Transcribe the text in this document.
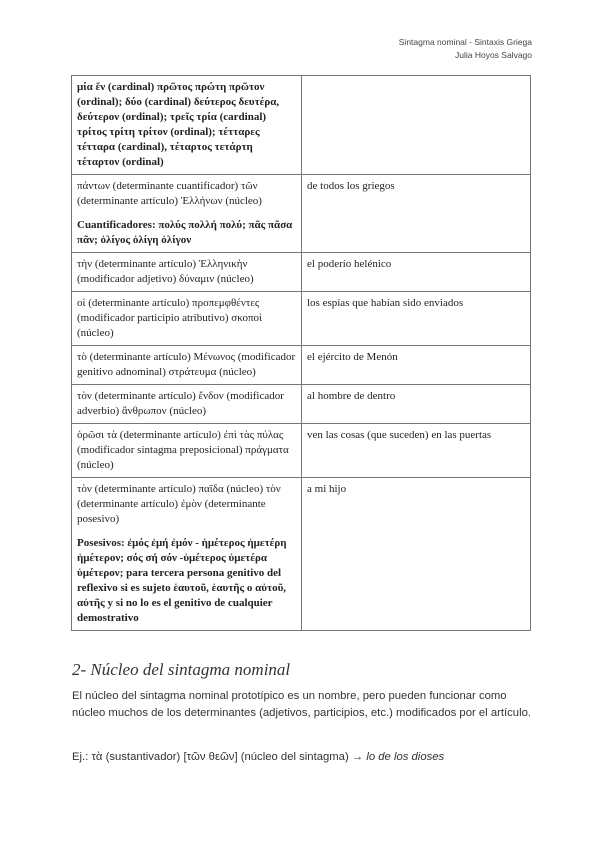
Sintagma nominal - Sintaxis Griega
Julia Hoyos Salvago
μία ἕν (cardinal) πρῶτος πρώτη πρῶτον (ordinal); δύο (cardinal) δεύτερος δευτέρα, δεύτερον (ordinal); τρεῖς τρία (cardinal) τρίτος τρίτη τρίτον (ordinal); τέτταρες τέτταρα (cardinal), τέταρτος τετάρτη τέταρτον (ordinal)	

πάντων (determinante cuantificador) τῶν (determinante artículo) Ἑλλήνων (núcleo)
Cuantificadores: πολύς πολλή πολύ; πᾶς πᾶσα πᾶν; ὀλίγος ὀλίγη ὀλίγον	de todos los griegos

τὴν (determinante artículo) Ἑλληνικὴν (modificador adjetivo) δύναμιν (núcleo)	el poderío helénico

οἱ (determinante artículo) προπεμφθέντες (modificador participio atributivo) σκοποὶ (núcleo)	los espías que habían sido enviados

τὸ (determinante artículo) Μένωνος (modificador genitivo adnominal) στράτευμα (núcleo)	el ejército de Menón

τὸν (determinante artículo) ἔνδον (modificador adverbio) ἄνθρωπον (núcleo)	al hombre de dentro

ὁρῶσι τὰ (determinante artículo) ἐπὶ τὰς πύλας (modificador sintagma preposicional) πράγματα (núcleo)	ven las cosas (que suceden) en las puertas

τὸν (determinante artículo) παῖδα (núcleo) τὸν (determinante artículo) ἐμὸν (determinante posesivo)
Posesivos: ἐμός ἐμή ἐμόν - ἡμέτερος ἡμετέρη ἡμέτερον; σός σή σόν -ὑμέτερος ὑμετέρα ὑμέτερον; para tercera persona genitivo del reflexivo si es sujeto ἑαυτοῦ, ἑαυτῆς o αὐτοῦ, αὐτῆς y si no lo es el genitivo de cualquier demostrativo	a mi hijo
2- Núcleo del sintagma nominal
El núcleo del sintagma nominal prototípico es un nombre, pero pueden funcionar como núcleo muchos de los determinantes (adjetivos, participios, etc.) modificados por el artículo.
Ej.: τὰ (sustantivador) [τῶν θεῶν] (núcleo del sintagma) → lo de los dioses
